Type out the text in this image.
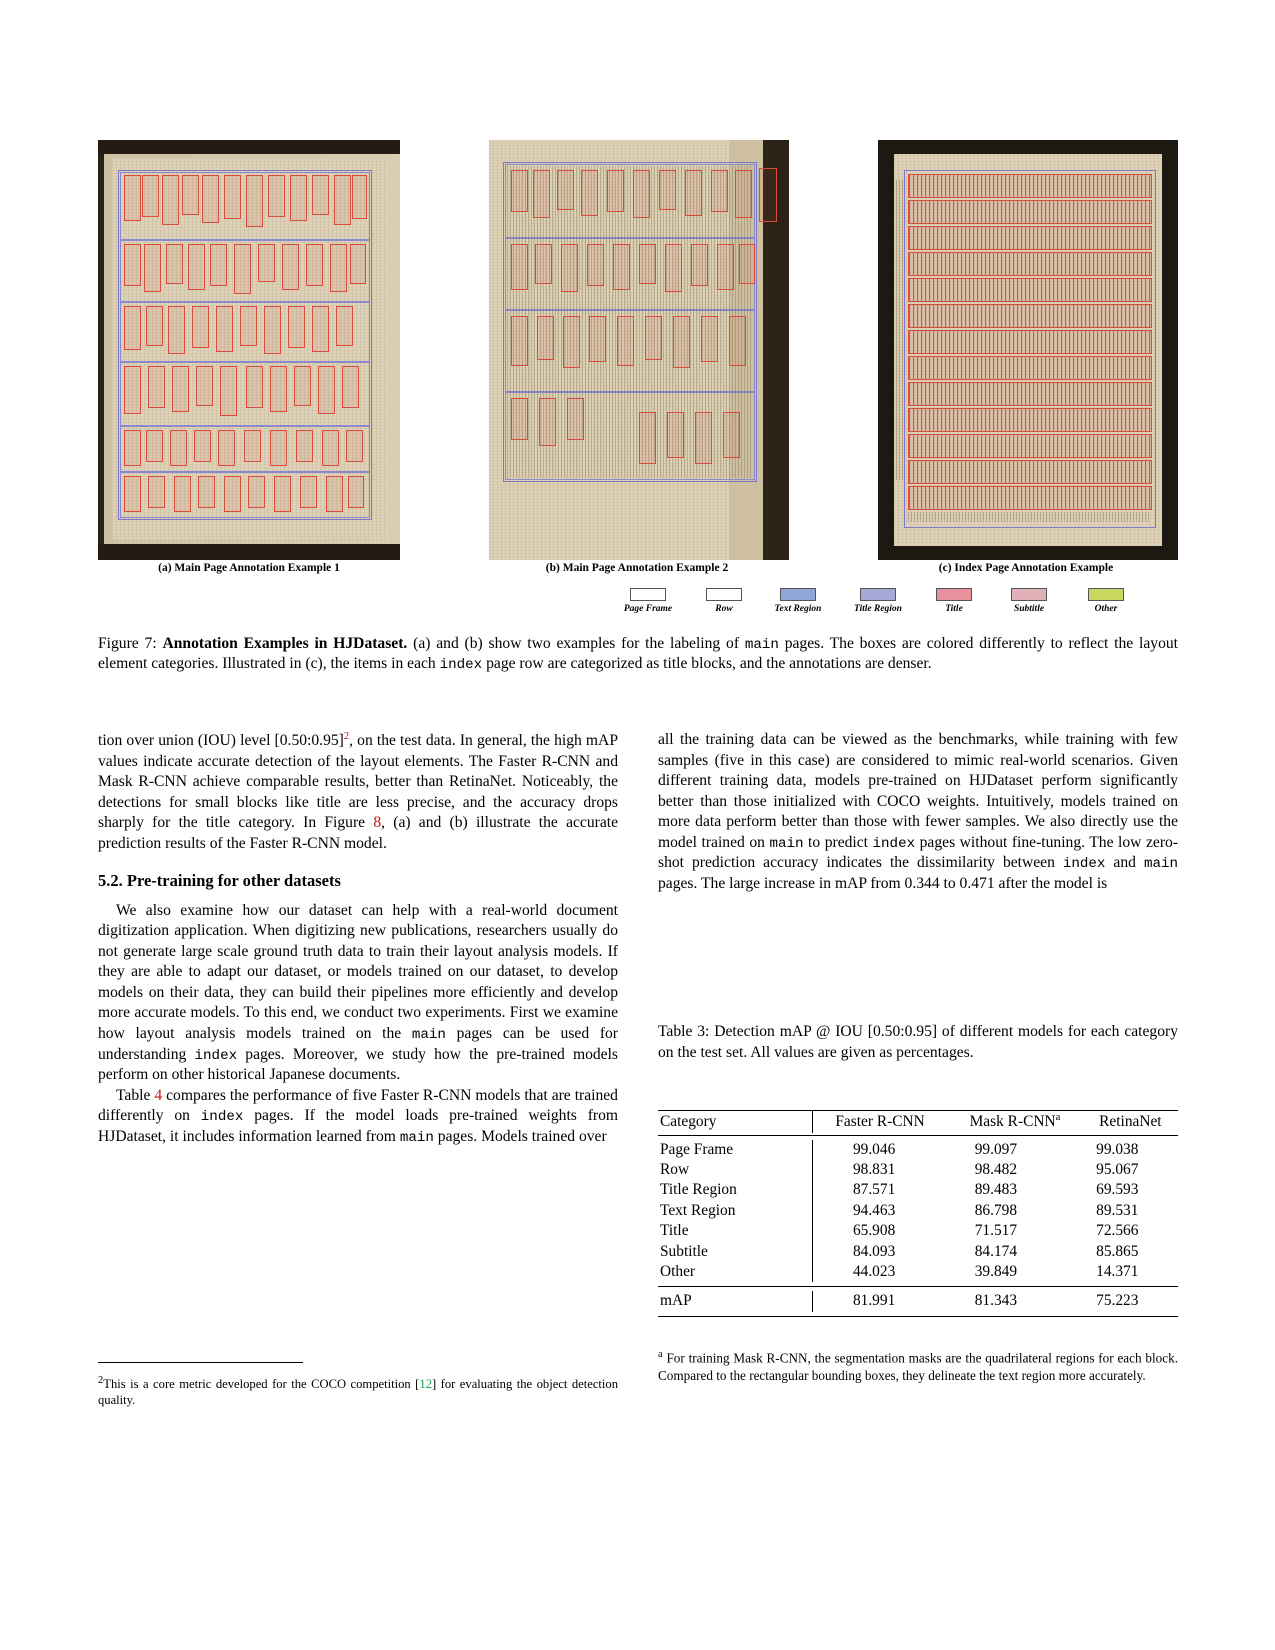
(a) Main Page Annotation Example 1	(b) Main Page Annotation Example 2	(c) Index Page Annotation Example
Page Frame	Row	Text Region	Title Region	Title	Subtitle	Other
Figure 7: Annotation Examples in HJDataset. (a) and (b) show two examples for the labeling of main pages. The boxes are colored differently to reflect the layout element categories. Illustrated in (c), the items in each index page row are categorized as title blocks, and the annotations are denser.

tion over union (IOU) level [0.50:0.95]$^2$, on the test data. In general, the high mAP values indicate accurate detection of the layout elements. The Faster R-CNN and Mask R-CNN achieve comparable results, better than RetinaNet. Noticeably, the detections for small blocks like title are less precise, and the accuracy drops sharply for the title category. In Figure 8, (a) and (b) illustrate the accurate prediction results of the Faster R-CNN model.

5.2. Pre-training for other datasets

We also examine how our dataset can help with a real-world document digitization application. When digitizing new publications, researchers usually do not generate large scale ground truth data to train their layout analysis models. If they are able to adapt our dataset, or models trained on our dataset, to develop models on their data, they can build their pipelines more efficiently and develop more accurate models. To this end, we conduct two experiments. First we examine how layout analysis models trained on the main pages can be used for understanding index pages. Moreover, we study how the pre-trained models perform on other historical Japanese documents.

Table 4 compares the performance of five Faster R-CNN models that are trained differently on index pages. If the model loads pre-trained weights from HJDataset, it includes information learned from main pages. Models trained over

$^2$This is a core metric developed for the COCO competition [12] for evaluating the object detection quality.

all the training data can be viewed as the benchmarks, while training with few samples (five in this case) are considered to mimic real-world scenarios. Given different training data, models pre-trained on HJDataset perform significantly better than those initialized with COCO weights. Intuitively, models trained on more data perform better than those with fewer samples. We also directly use the model trained on main to predict index pages without fine-tuning. The low zero-shot prediction accuracy indicates the dissimilarity between index and main pages. The large increase in mAP from 0.344 to 0.471 after the model is

Table 3: Detection mAP @ IOU [0.50:0.95] of different models for each category on the test set. All values are given as percentages.
Category	Faster R-CNN	Mask R-CNN$^a$	RetinaNet
Page Frame	99.046	99.097	99.038
Row	98.831	98.482	95.067
Title Region	87.571	89.483	69.593
Text Region	94.463	86.798	89.531
Title	65.908	71.517	72.566
Subtitle	84.093	84.174	85.865
Other	44.023	39.849	14.371
mAP	81.991	81.343	75.223
$^a$ For training Mask R-CNN, the segmentation masks are the quadrilateral regions for each block. Compared to the rectangular bounding boxes, they delineate the text region more accurately.
